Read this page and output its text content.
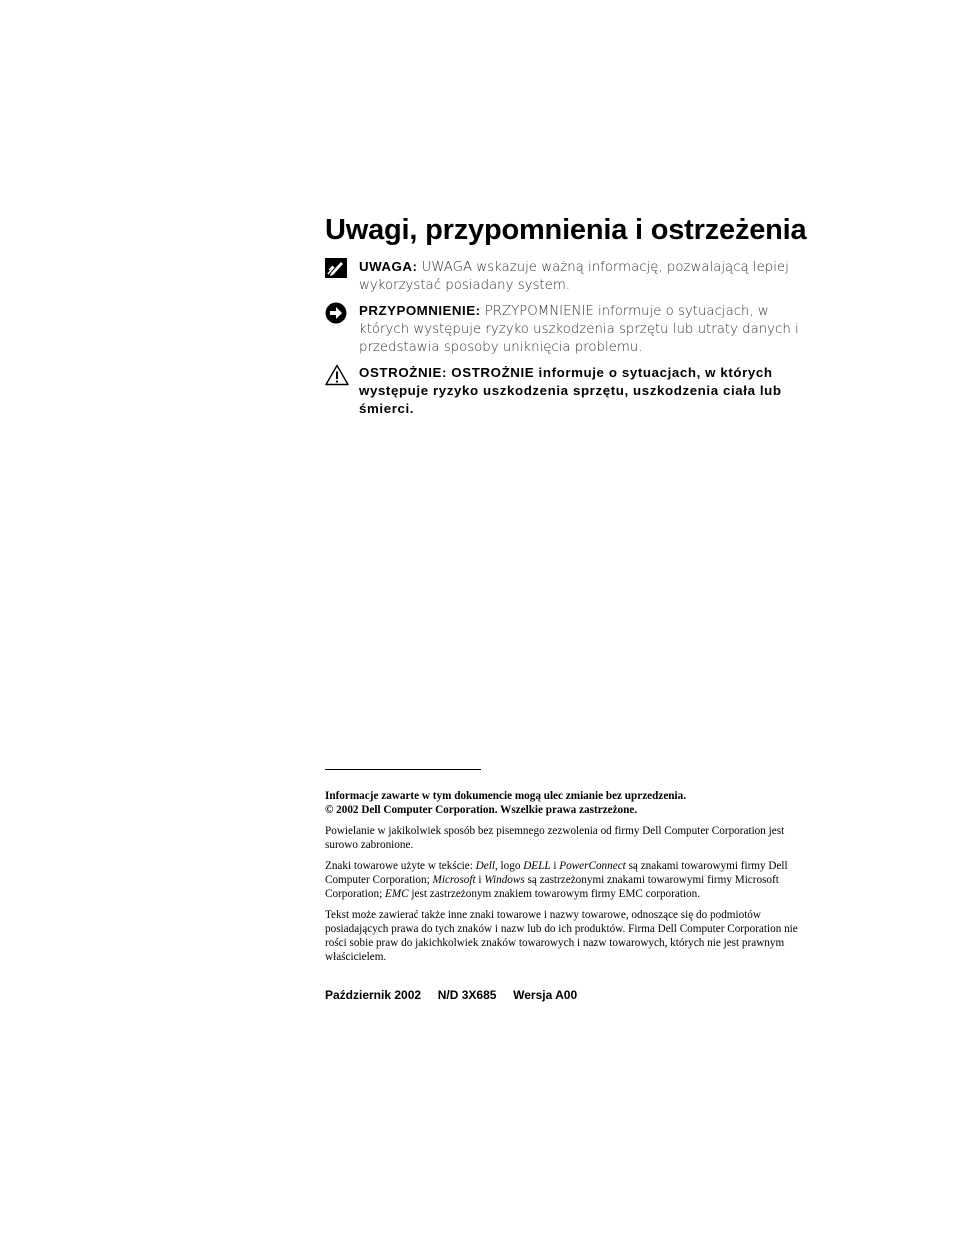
Uwagi, przypomnienia i ostrzeżenia
UWAGA: UWAGA wskazuje ważną informację, pozwalającą lepiej wykorzystać posiadany system.
PRZYPOMNIENIE: PRZYPOMNIENIE informuje o sytuacjach, w których występuje ryzyko uszkodzenia sprzętu lub utraty danych i przedstawia sposoby uniknięcia problemu.
OSTROŻNIE: OSTROŻNIE informuje o sytuacjach, w których występuje ryzyko uszkodzenia sprzętu, uszkodzenia ciała lub śmierci.

Informacje zawarte w tym dokumencie mogą ulec zmianie bez uprzedzenia.
© 2002 Dell Computer Corporation. Wszelkie prawa zastrzeżone.

Powielanie w jakikolwiek sposób bez pisemnego zezwolenia od firmy Dell Computer Corporation jest surowo zabronione.

Znaki towarowe użyte w tekście: Dell, logo DELL i PowerConnect są znakami towarowymi firmy Dell Computer Corporation; Microsoft i Windows są zastrzeżonymi znakami towarowymi firmy Microsoft Corporation; EMC jest zastrzeżonym znakiem towarowym firmy EMC corporation.

Tekst może zawierać także inne znaki towarowe i nazwy towarowe, odnoszące się do podmiotów posiadających prawa do tych znaków i nazw lub do ich produktów. Firma Dell Computer Corporation nie rości sobie praw do jakichkolwiek znaków towarowych i nazw towarowych, których nie jest prawnym właścicielem.

Październik 2002 N/D 3X685 Wersja A00
